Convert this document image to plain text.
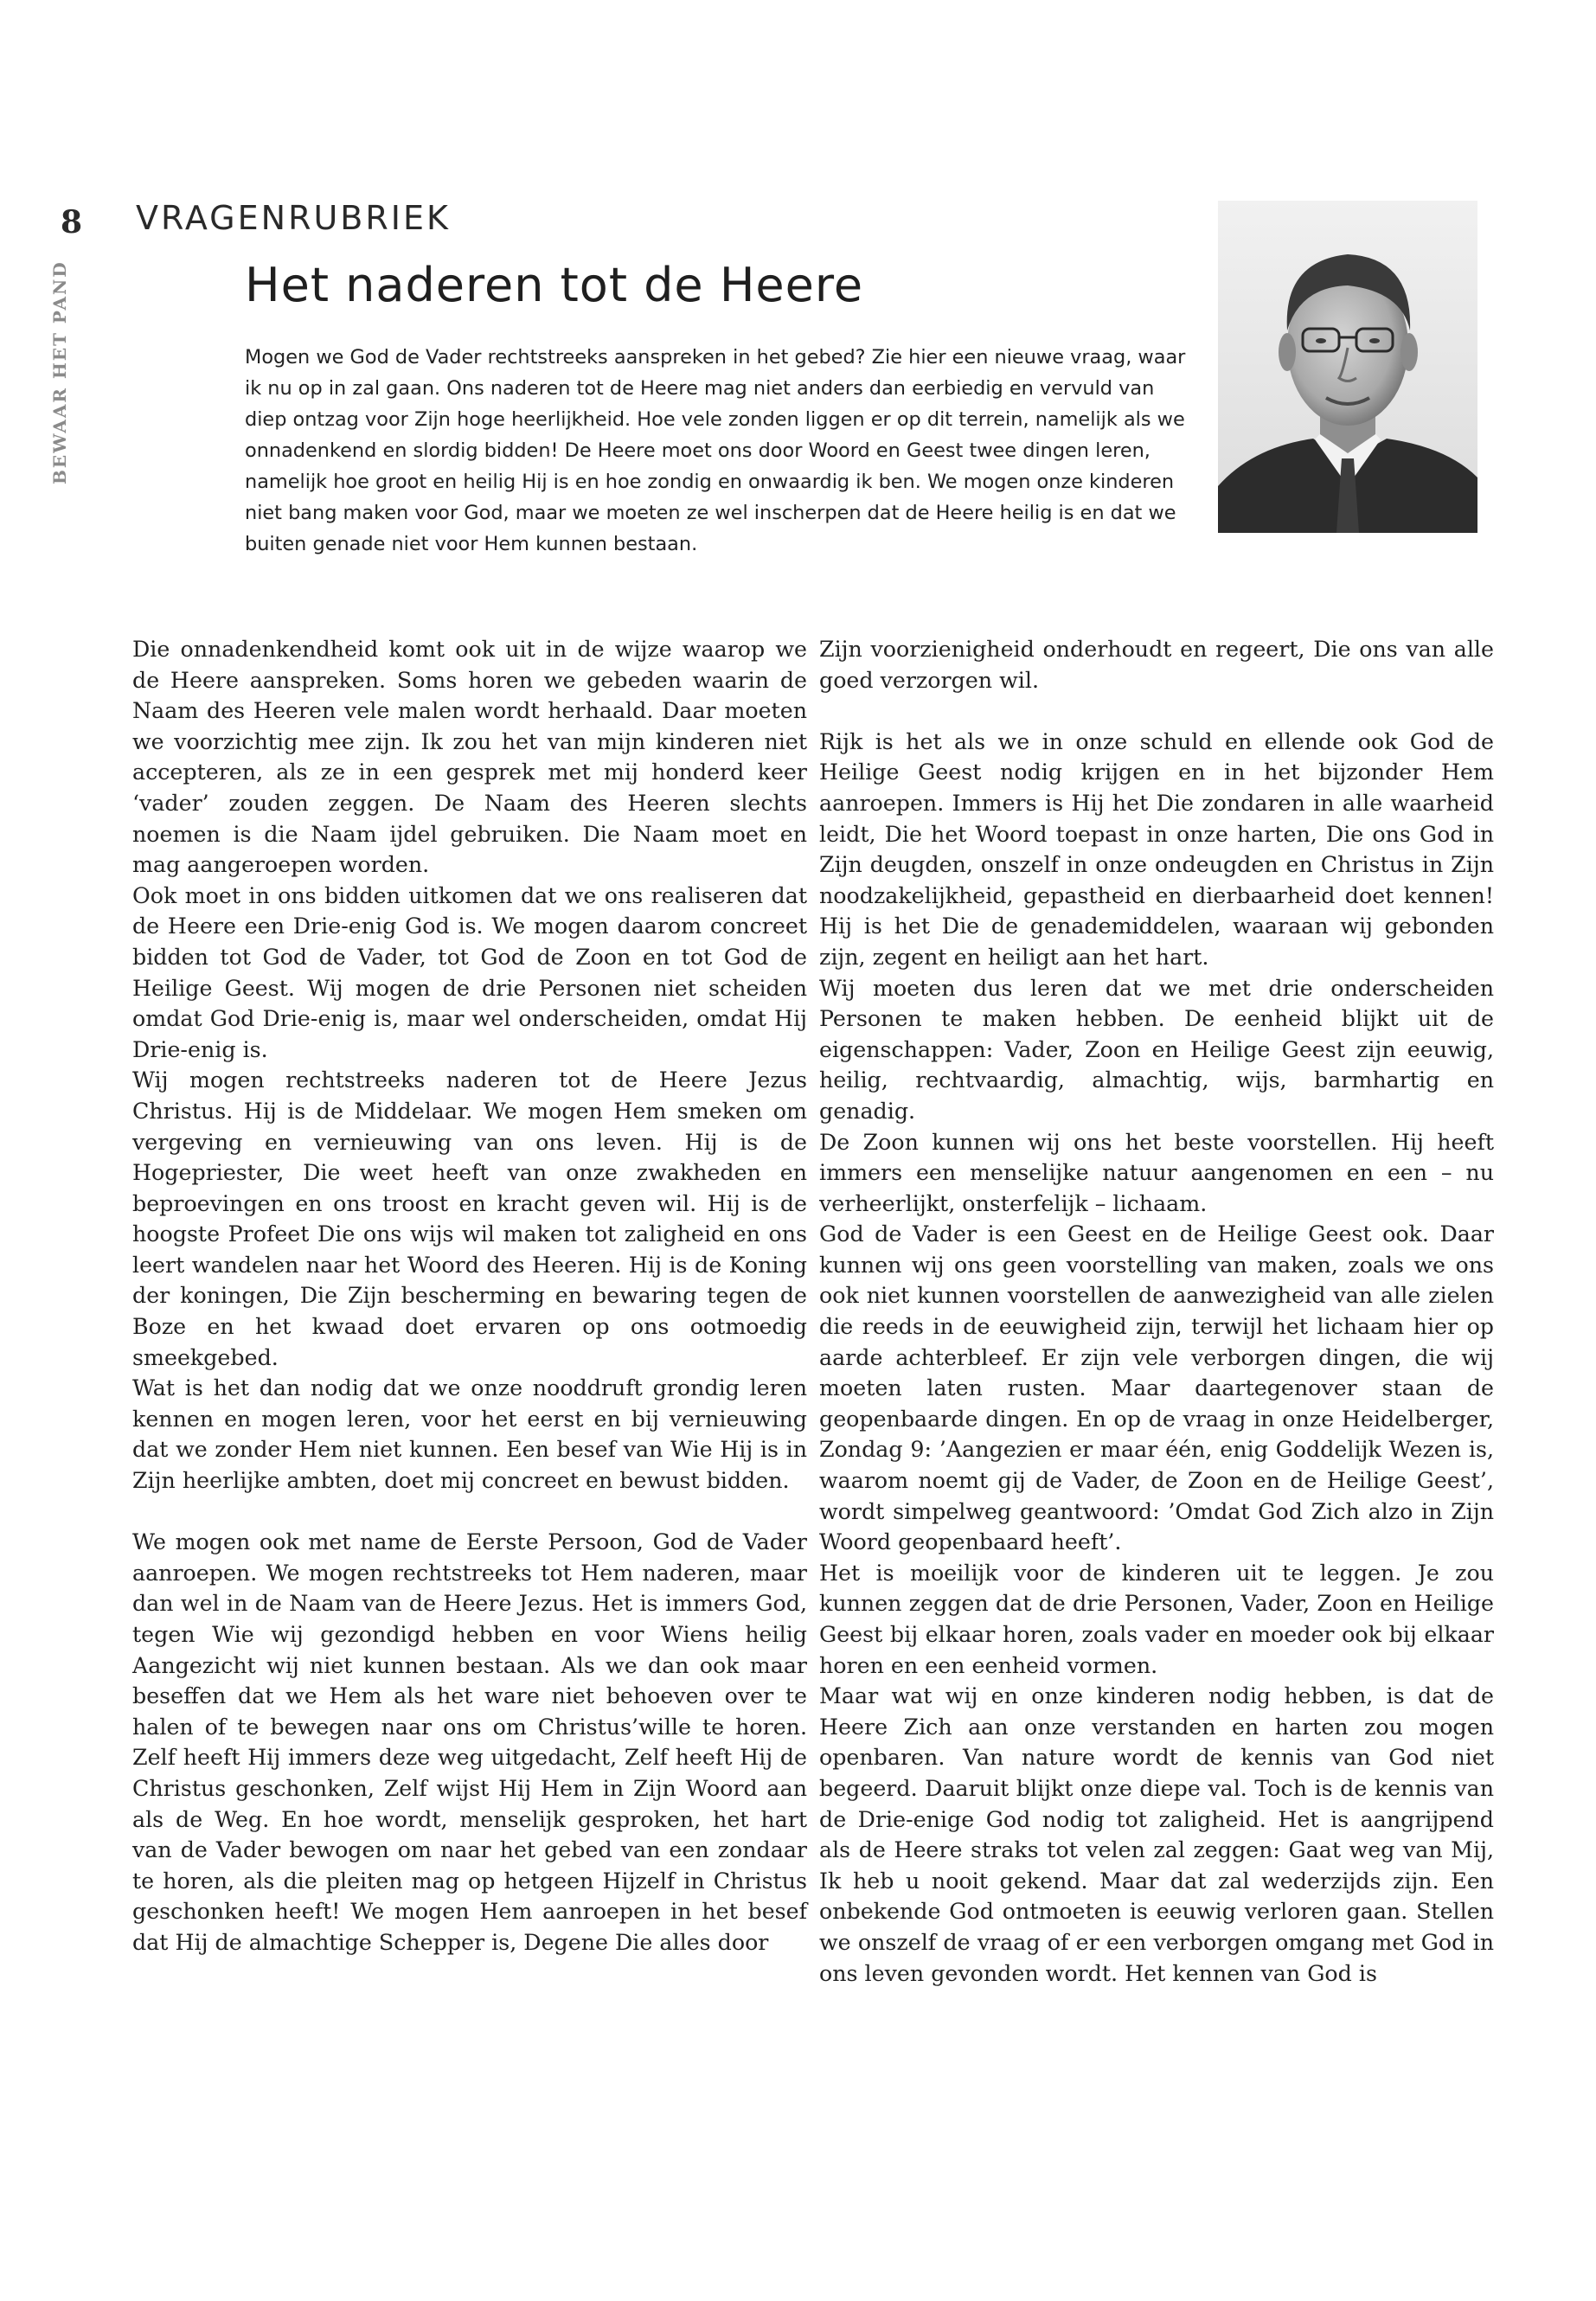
8
BEWAAR HET PAND
VRAGENRUBRIEK
Het naderen tot de Heere

Mogen we God de Vader rechtstreeks aanspreken in het gebed? Zie hier een nieuwe vraag, waar ik nu op in zal gaan. Ons naderen tot de Heere mag niet anders dan eerbiedig en vervuld van diep ontzag voor Zijn hoge heerlijkheid. Hoe vele zonden liggen er op dit terrein, namelijk als we onnadenkend en slordig bidden! De Heere moet ons door Woord en Geest twee dingen leren, namelijk hoe groot en heilig Hij is en hoe zondig en onwaardig ik ben. We mogen onze kinderen niet bang maken voor God, maar we moeten ze wel inscherpen dat de Heere heilig is en dat we buiten genade niet voor Hem kunnen bestaan.

Die onnadenkendheid komt ook uit in de wijze waarop we de Heere aanspreken. Soms horen we gebeden waarin de Naam des Heeren vele malen wordt herhaald. Daar moeten we voorzichtig mee zijn. Ik zou het van mijn kinderen niet accepteren, als ze in een gesprek met mij honderd keer ‘vader’ zouden zeggen. De Naam des Heeren slechts noemen is die Naam ijdel gebruiken. Die Naam moet en mag aangeroepen worden.

Ook moet in ons bidden uitkomen dat we ons realiseren dat de Heere een Drie-enig God is. We mogen daarom concreet bidden tot God de Vader, tot God de Zoon en tot God de Heilige Geest. Wij mogen de drie Personen niet scheiden omdat God Drie-enig is, maar wel onderscheiden, omdat Hij Drie-enig is.

Wij mogen rechtstreeks naderen tot de Heere Jezus Christus. Hij is de Middelaar. We mogen Hem smeken om vergeving en vernieuwing van ons leven. Hij is de Hogepriester, Die weet heeft van onze zwakheden en beproevingen en ons troost en kracht geven wil. Hij is de hoogste Profeet Die ons wijs wil maken tot zaligheid en ons leert wandelen naar het Woord des Heeren. Hij is de Koning der koningen, Die Zijn bescherming en bewaring tegen de Boze en het kwaad doet ervaren op ons ootmoedig smeekgebed.

Wat is het dan nodig dat we onze nooddruft grondig leren kennen en mogen leren, voor het eerst en bij vernieuwing dat we zonder Hem niet kunnen. Een besef van Wie Hij is in Zijn heerlijke ambten, doet mij concreet en bewust bidden.

We mogen ook met name de Eerste Persoon, God de Vader aanroepen. We mogen rechtstreeks tot Hem naderen, maar dan wel in de Naam van de Heere Jezus. Het is immers God, tegen Wie wij gezondigd hebben en voor Wiens heilig Aangezicht wij niet kunnen bestaan. Als we dan ook maar beseffen dat we Hem als het ware niet behoeven over te halen of te bewegen naar ons om Christus’wille te horen. Zelf heeft Hij immers deze weg uitgedacht, Zelf heeft Hij de Christus geschonken, Zelf wijst Hij Hem in Zijn Woord aan als de Weg. En hoe wordt, menselijk gesproken, het hart van de Vader bewogen om naar het gebed van een zondaar te horen, als die pleiten mag op hetgeen Hijzelf in Christus geschonken heeft! We mogen Hem aanroepen in het besef dat Hij de almachtige Schepper is, Degene Die alles door

Zijn voorzienigheid onderhoudt en regeert, Die ons van alle goed verzorgen wil.

Rijk is het als we in onze schuld en ellende ook God de Heilige Geest nodig krijgen en in het bijzonder Hem aanroepen. Immers is Hij het Die zondaren in alle waarheid leidt, Die het Woord toepast in onze harten, Die ons God in Zijn deugden, onszelf in onze ondeugden en Christus in Zijn noodzakelijkheid, gepastheid en dierbaarheid doet kennen! Hij is het Die de genademiddelen, waaraan wij gebonden zijn, zegent en heiligt aan het hart.

Wij moeten dus leren dat we met drie onderscheiden Personen te maken hebben. De eenheid blijkt uit de eigenschappen: Vader, Zoon en Heilige Geest zijn eeuwig, heilig, rechtvaardig, almachtig, wijs, barmhartig en genadig.

De Zoon kunnen wij ons het beste voorstellen. Hij heeft immers een menselijke natuur aangenomen en een – nu verheerlijkt, onsterfelijk – lichaam.

God de Vader is een Geest en de Heilige Geest ook. Daar kunnen wij ons geen voorstelling van maken, zoals we ons ook niet kunnen voorstellen de aanwezigheid van alle zielen die reeds in de eeuwigheid zijn, terwijl het lichaam hier op aarde achterbleef. Er zijn vele verborgen dingen, die wij moeten laten rusten. Maar daartegenover staan de geopenbaarde dingen. En op de vraag in onze Heidelberger, Zondag 9: ’Aangezien er maar één, enig Goddelijk Wezen is, waarom noemt gij de Vader, de Zoon en de Heilige Geest’, wordt simpelweg geantwoord: ’Omdat God Zich alzo in Zijn Woord geopenbaard heeft’.

Het is moeilijk voor de kinderen uit te leggen. Je zou kunnen zeggen dat de drie Personen, Vader, Zoon en Heilige Geest bij elkaar horen, zoals vader en moeder ook bij elkaar horen en een eenheid vormen.

Maar wat wij en onze kinderen nodig hebben, is dat de Heere Zich aan onze verstanden en harten zou mogen openbaren. Van nature wordt de kennis van God niet begeerd. Daaruit blijkt onze diepe val. Toch is de kennis van de Drie-enige God nodig tot zaligheid. Het is aangrijpend als de Heere straks tot velen zal zeggen: Gaat weg van Mij, Ik heb u nooit gekend. Maar dat zal wederzijds zijn. Een onbekende God ontmoeten is eeuwig verloren gaan. Stellen we onszelf de vraag of er een verborgen omgang met God in ons leven gevonden wordt. Het kennen van God is
